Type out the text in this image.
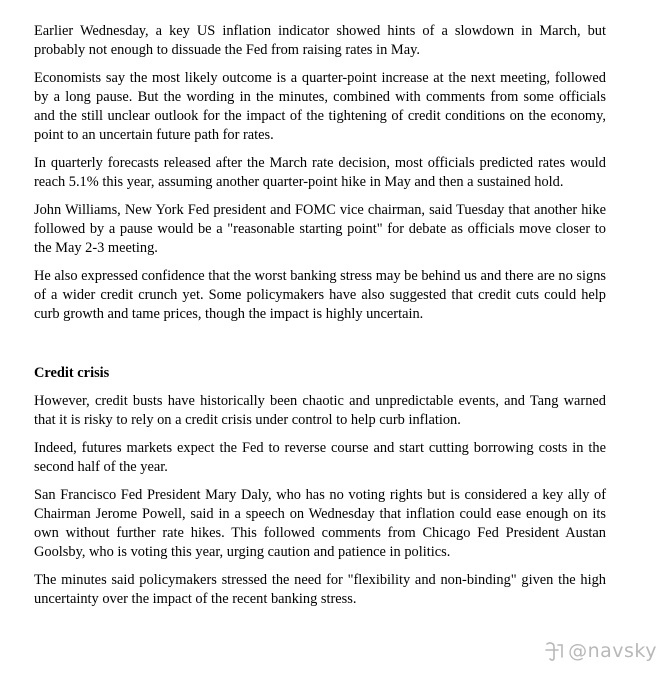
Earlier Wednesday, a key US inflation indicator showed hints of a slowdown in March, but probably not enough to dissuade the Fed from raising rates in May.

Economists say the most likely outcome is a quarter-point increase at the next meeting, followed by a long pause. But the wording in the minutes, combined with comments from some officials and the still unclear outlook for the impact of the tightening of credit conditions on the economy, point to an uncertain future path for rates.

In quarterly forecasts released after the March rate decision, most officials predicted rates would reach 5.1% this year, assuming another quarter-point hike in May and then a sustained hold.

John Williams, New York Fed president and FOMC vice chairman, said Tuesday that another hike followed by a pause would be a "reasonable starting point" for debate as officials move closer to the May 2-3 meeting.

He also expressed confidence that the worst banking stress may be behind us and there are no signs of a wider credit crunch yet. Some policymakers have also suggested that credit cuts could help curb growth and tame prices, though the impact is highly uncertain.

Credit crisis

However, credit busts have historically been chaotic and unpredictable events, and Tang warned that it is risky to rely on a credit crisis under control to help curb inflation.

Indeed, futures markets expect the Fed to reverse course and start cutting borrowing costs in the second half of the year.

San Francisco Fed President Mary Daly, who has no voting rights but is considered a key ally of Chairman Jerome Powell, said in a speech on Wednesday that inflation could ease enough on its own without further rate hikes. This followed comments from Chicago Fed President Austan Goolsby, who is voting this year, urging caution and patience in politics.

The minutes said policymakers stressed the need for "flexibility and non-binding" given the high uncertainty over the impact of the recent banking stress.

@navsky
